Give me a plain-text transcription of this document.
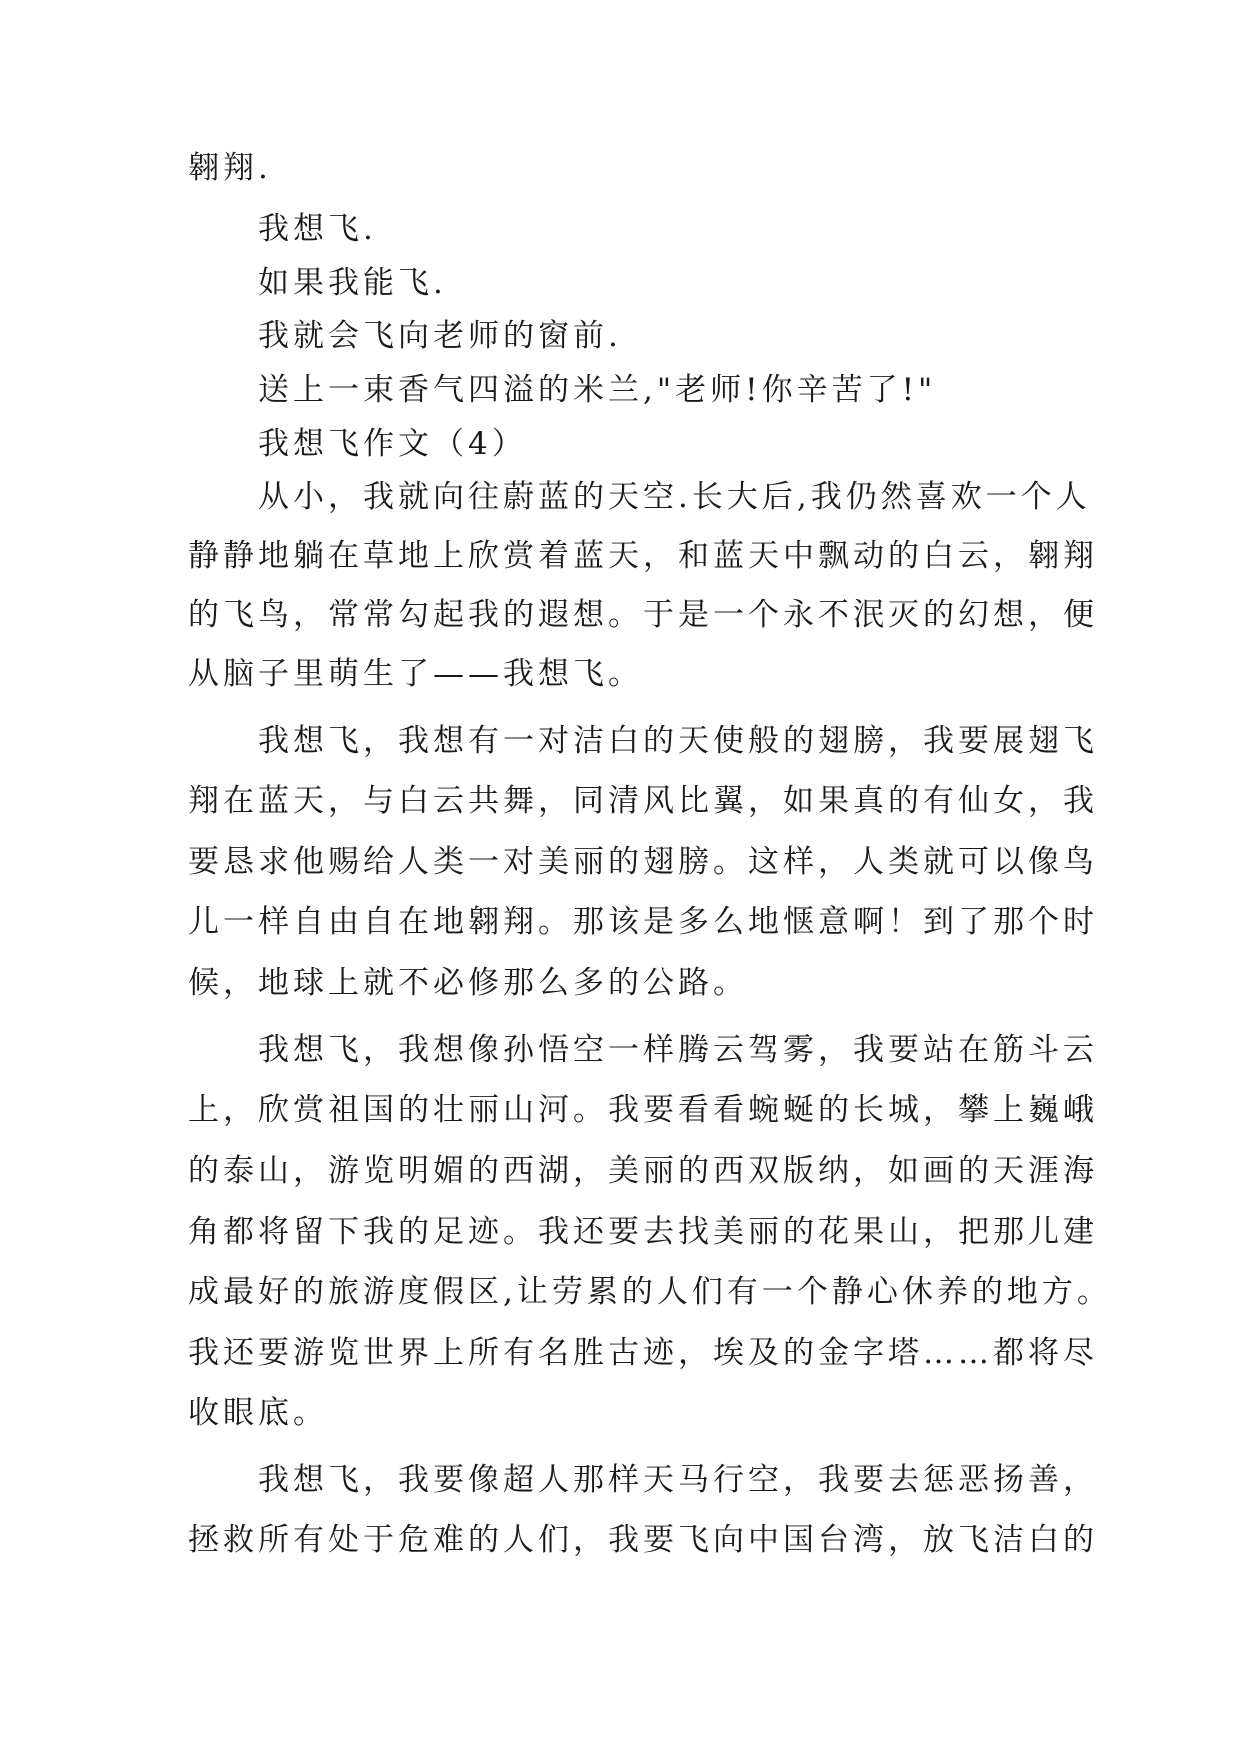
翱翔.
我想飞.
如果我能飞.
我就会飞向老师的窗前.
送上一束香气四溢的米兰,"老师!你辛苦了!"
我想飞作文（4）
从小，我就向往蔚蓝的天空.长大后,我仍然喜欢一个人
静静地躺在草地上欣赏着蓝天，和蓝天中飘动的白云，翱翔
的飞鸟，常常勾起我的遐想。于是一个永不泯灭的幻想，便
从脑子里萌生了——我想飞。
我想飞，我想有一对洁白的天使般的翅膀，我要展翅飞
翔在蓝天，与白云共舞，同清风比翼，如果真的有仙女，我
要恳求他赐给人类一对美丽的翅膀。这样，人类就可以像鸟
儿一样自由自在地翱翔。那该是多么地惬意啊！到了那个时
候，地球上就不必修那么多的公路。
我想飞，我想像孙悟空一样腾云驾雾，我要站在筋斗云
上，欣赏祖国的壮丽山河。我要看看蜿蜒的长城，攀上巍峨
的泰山，游览明媚的西湖，美丽的西双版纳，如画的天涯海
角都将留下我的足迹。我还要去找美丽的花果山，把那儿建
成最好的旅游度假区,让劳累的人们有一个静心休养的地方。
我还要游览世界上所有名胜古迹，埃及的金字塔……都将尽
收眼底。
我想飞，我要像超人那样天马行空，我要去惩恶扬善，
拯救所有处于危难的人们，我要飞向中国台湾，放飞洁白的
